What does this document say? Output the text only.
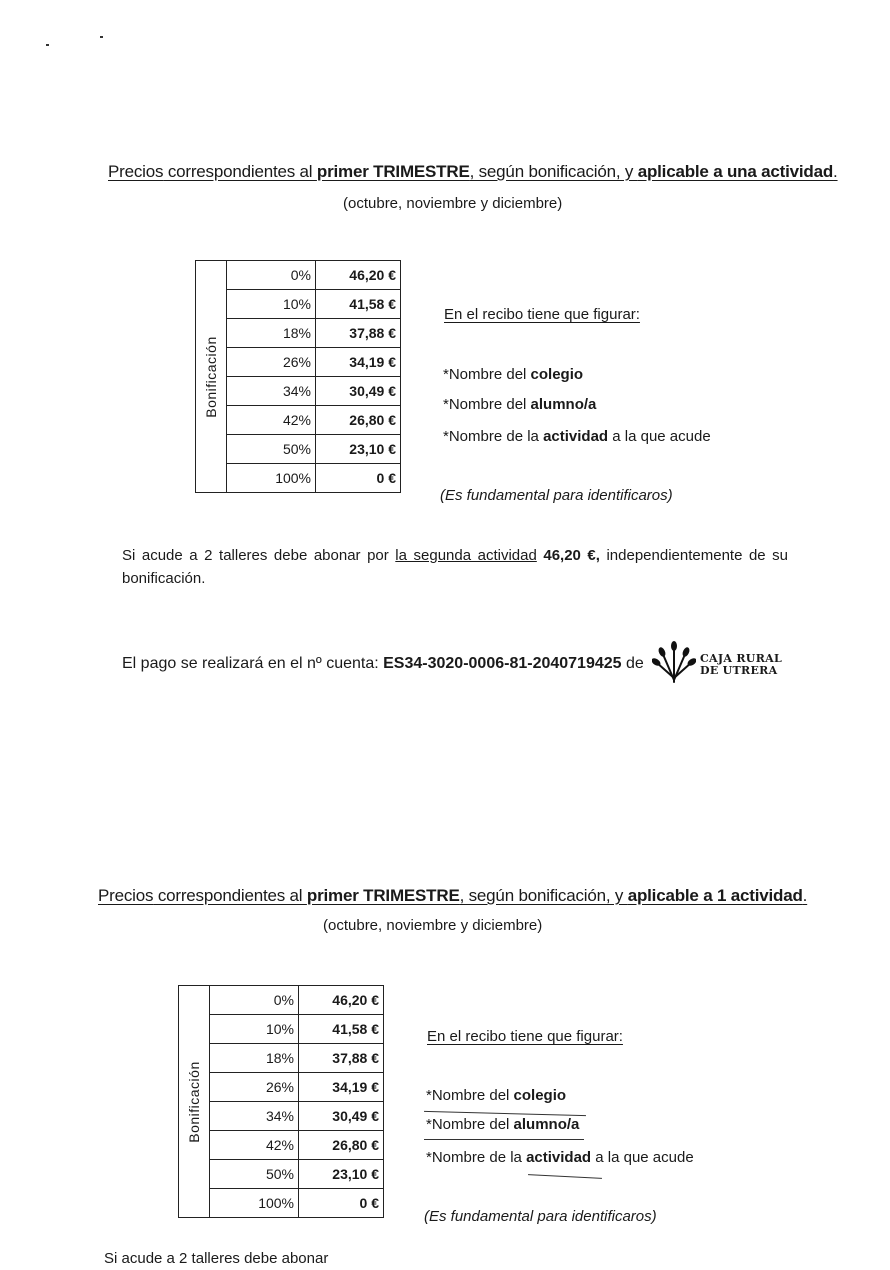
Precios correspondientes al primer TRIMESTRE, según bonificación, y aplicable a una actividad.
(octubre, noviembre y diciembre)
Bonificación	0%	46,20 €
	10%	41,58 €
	18%	37,88 €
	26%	34,19 €
	34%	30,49 €
	42%	26,80 €
	50%	23,10 €
	100%	0 €
En el recibo tiene que figurar:
*Nombre del colegio
*Nombre del alumno/a
*Nombre de la actividad a la que acude
(Es fundamental para identificaros)
Si acude a 2 talleres debe abonar por la segunda actividad 46,20 €, independientemente de su bonificación.
El pago se realizará en el nº cuenta: ES34-3020-0006-81-2040719425 de	CAJA RURAL
DE UTRERA
Precios correspondientes al primer TRIMESTRE, según bonificación, y aplicable a 1 actividad.
(octubre, noviembre y diciembre)
Bonificación	0%	46,20 €
	10%	41,58 €
	18%	37,88 €
	26%	34,19 €
	34%	30,49 €
	42%	26,80 €
	50%	23,10 €
	100%	0 €
En el recibo tiene que figurar:
*Nombre del colegio
*Nombre del alumno/a
*Nombre de la actividad a la que acude
(Es fundamental para identificaros)
Si acude a 2 talleres debe abonar
